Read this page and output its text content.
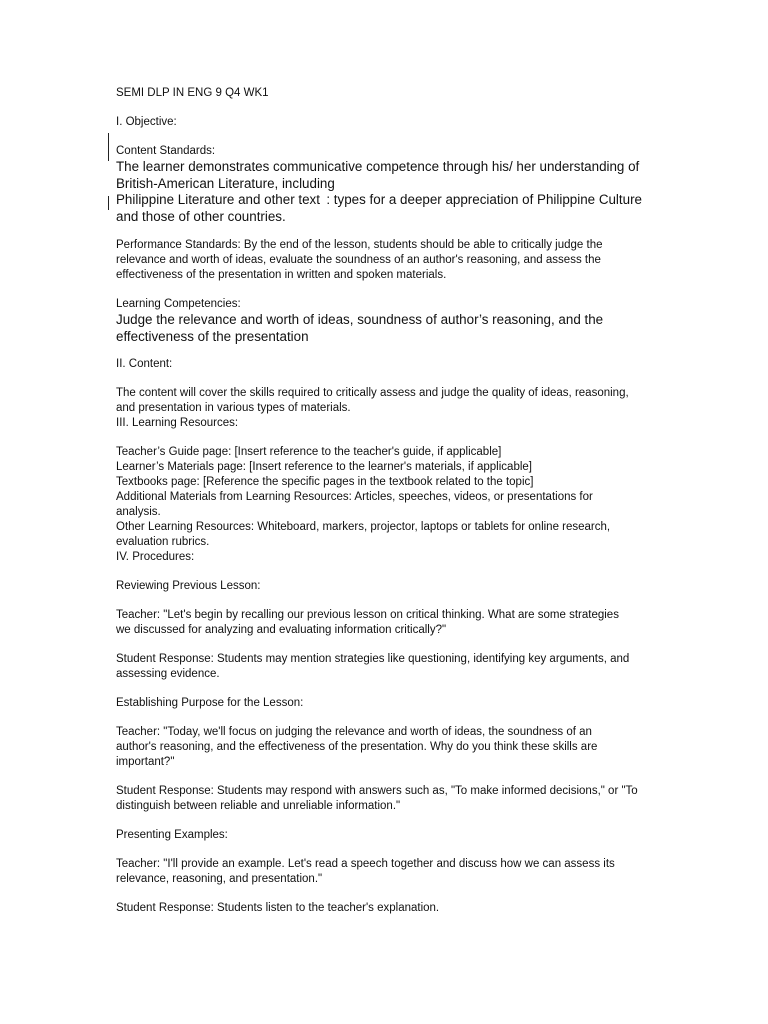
SEMI DLP IN ENG 9 Q4 WK1

I. Objective:

Content Standards:

The learner demonstrates communicative competence through his/ her understanding of

British-American Literature, including

Philippine Literature and other text  : types for a deeper appreciation of Philippine Culture

and those of other countries.

Performance Standards: By the end of the lesson, students should be able to critically judge the
relevance and worth of ideas, evaluate the soundness of an author's reasoning, and assess the
effectiveness of the presentation in written and spoken materials.

Learning Competencies:

Judge the relevance and worth of ideas, soundness of author’s reasoning, and the

effectiveness of the presentation

II. Content:

The content will cover the skills required to critically assess and judge the quality of ideas, reasoning,
and presentation in various types of materials.

III. Learning Resources:

Teacher’s Guide page: [Insert reference to the teacher's guide, if applicable]

Learner’s Materials page: [Insert reference to the learner's materials, if applicable]

Textbooks page: [Reference the specific pages in the textbook related to the topic]

Additional Materials from Learning Resources: Articles, speeches, videos, or presentations for
analysis.

Other Learning Resources: Whiteboard, markers, projector, laptops or tablets for online research,
evaluation rubrics.

IV. Procedures:

Reviewing Previous Lesson:

Teacher: "Let's begin by recalling our previous lesson on critical thinking. What are some strategies
we discussed for analyzing and evaluating information critically?"

Student Response: Students may mention strategies like questioning, identifying key arguments, and
assessing evidence.

Establishing Purpose for the Lesson:

Teacher: "Today, we'll focus on judging the relevance and worth of ideas, the soundness of an
author's reasoning, and the effectiveness of the presentation. Why do you think these skills are
important?"

Student Response: Students may respond with answers such as, "To make informed decisions," or "To
distinguish between reliable and unreliable information."

Presenting Examples:

Teacher: "I'll provide an example. Let's read a speech together and discuss how we can assess its
relevance, reasoning, and presentation."

Student Response: Students listen to the teacher's explanation.
